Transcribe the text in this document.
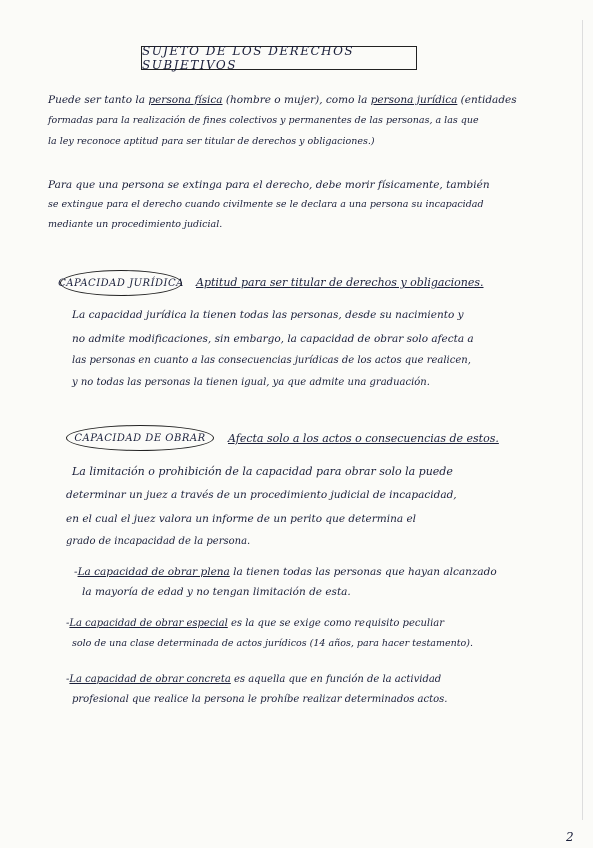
SUJETO DE LOS DERECHOS SUBJETIVOS
Puede ser tanto la persona física (hombre o mujer), como la persona jurídica (entidades
formadas para la realización de fines colectivos y permanentes de las personas, a las que
la ley reconoce aptitud para ser titular de derechos y obligaciones.)
Para que una persona se extinga para el derecho, debe morir físicamente, también
se extingue para el derecho cuando civilmente se le declara a una persona su incapacidad
mediante un procedimiento judicial.
CAPACIDAD JURÍDICA Aptitud para ser titular de derechos y obligaciones.
La capacidad jurídica la tienen todas las personas, desde su nacimiento y
no admite modificaciones, sin embargo, la capacidad de obrar solo afecta a
las personas en cuanto a las consecuencias jurídicas de los actos que realicen,
y no todas las personas la tienen igual, ya que admite una graduación.
CAPACIDAD DE OBRAR Afecta solo a los actos o consecuencias de estos.
La limitación o prohibición de la capacidad para obrar solo la puede
determinar un juez a través de un procedimiento judicial de incapacidad,
en el cual el juez valora un informe de un perito que determina el
grado de incapacidad de la persona.
-La capacidad de obrar plena la tienen todas las personas que hayan alcanzado
la mayoría de edad y no tengan limitación de esta.
-La capacidad de obrar especial es la que se exige como requisito peculiar
solo de una clase determinada de actos jurídicos (14 años, para hacer testamento).
-La capacidad de obrar concreta es aquella que en función de la actividad
profesional que realice la persona le prohíbe realizar determinados actos.
2
